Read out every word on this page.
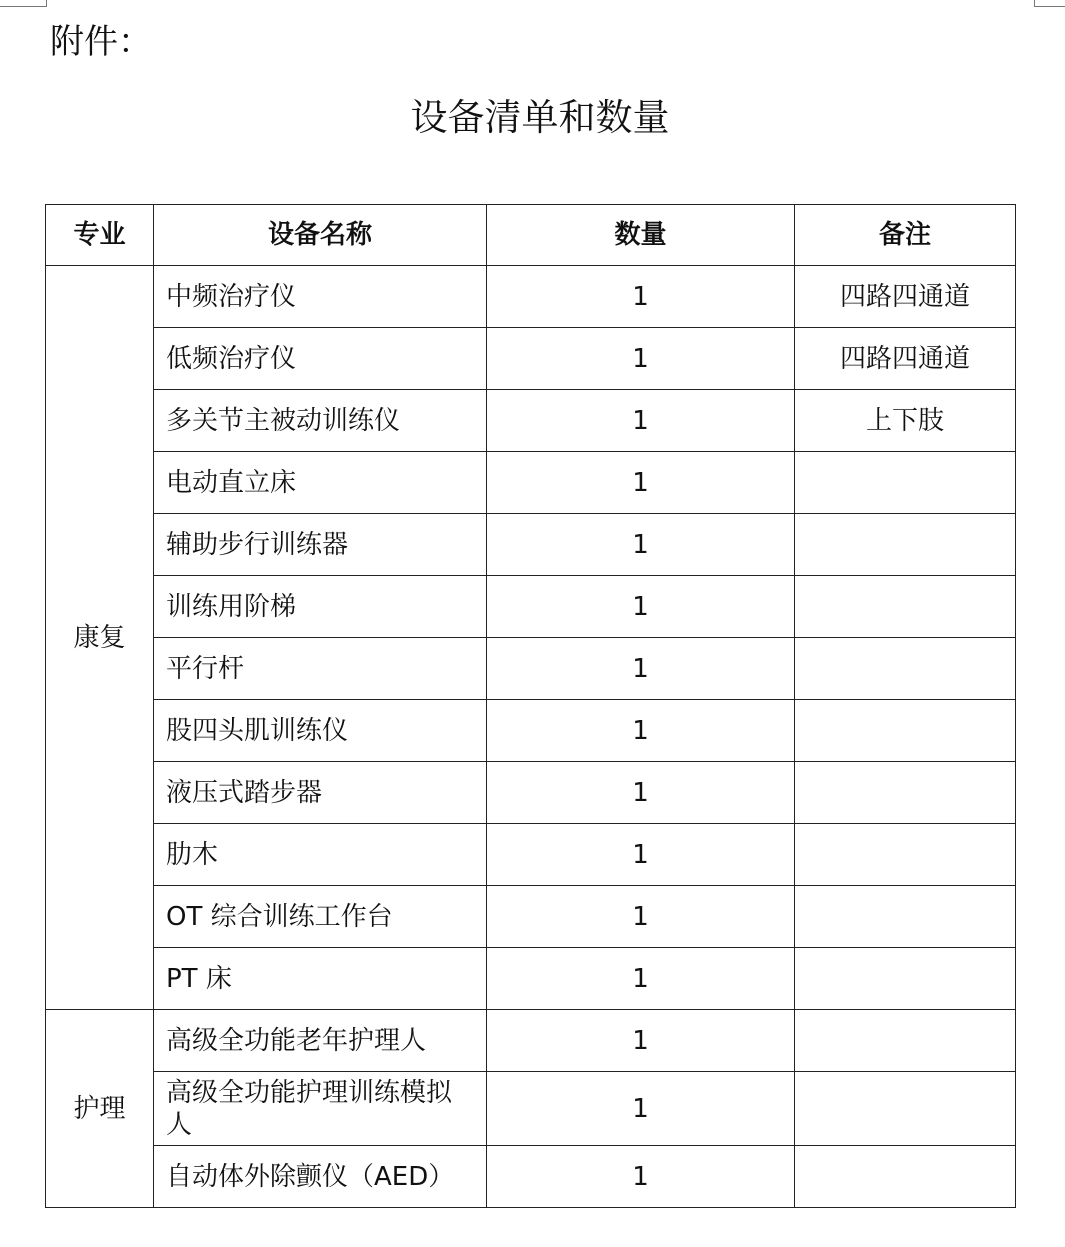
附件：
设备清单和数量
专业	设备名称	数量	备注
康复	中频治疗仪	1	四路四通道
	低频治疗仪	1	四路四通道
	多关节主被动训练仪	1	上下肢
	电动直立床	1	
	辅助步行训练器	1	
	训练用阶梯	1	
	平行杆	1	
	股四头肌训练仪	1	
	液压式踏步器	1	
	肋木	1	
	OT 综合训练工作台	1	
	PT 床	1	
护理	高级全功能老年护理人	1	
	高级全功能护理训练模拟人	1	
	自动体外除颤仪（AED）	1	
